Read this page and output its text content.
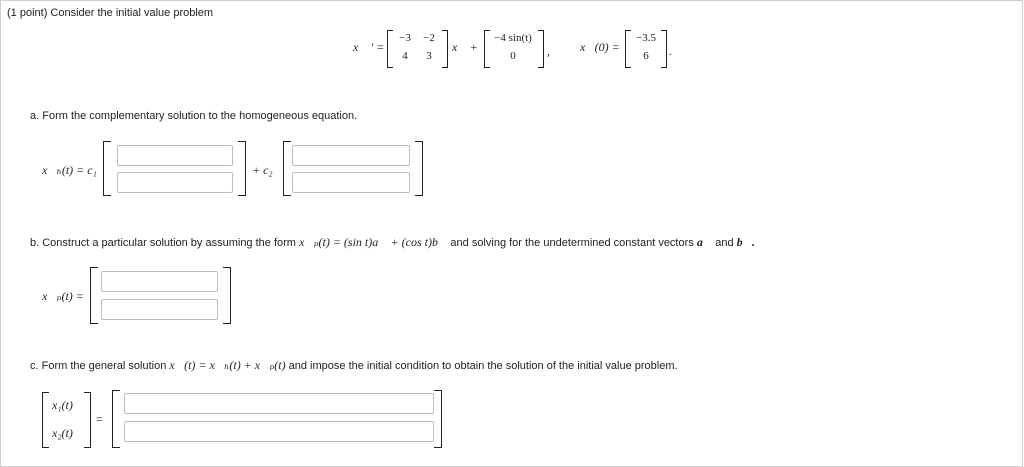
(1 point) Consider the initial value problem
x⃗ ′ =
−3 −2
4	3
x⃗ +
−4 sin(t)
0	,	x⃗(0) =
−3.5
6	.
a. Form the complementary solution to the homogeneous equation.
x⃗ₕ(t) = c₁	+ c₂
b. Construct a particular solution by assuming the form x⃗ₚ(t) = (sin t)a⃗ + (cos t)b⃗ and solving for the undetermined constant vectors a⃗ and b⃗.
x⃗ₚ(t) =
c. Form the general solution x⃗(t) = x⃗ₕ(t) + x⃗ₚ(t) and impose the initial condition to obtain the solution of the initial value problem.
x₁(t)
x₂(t)
=
